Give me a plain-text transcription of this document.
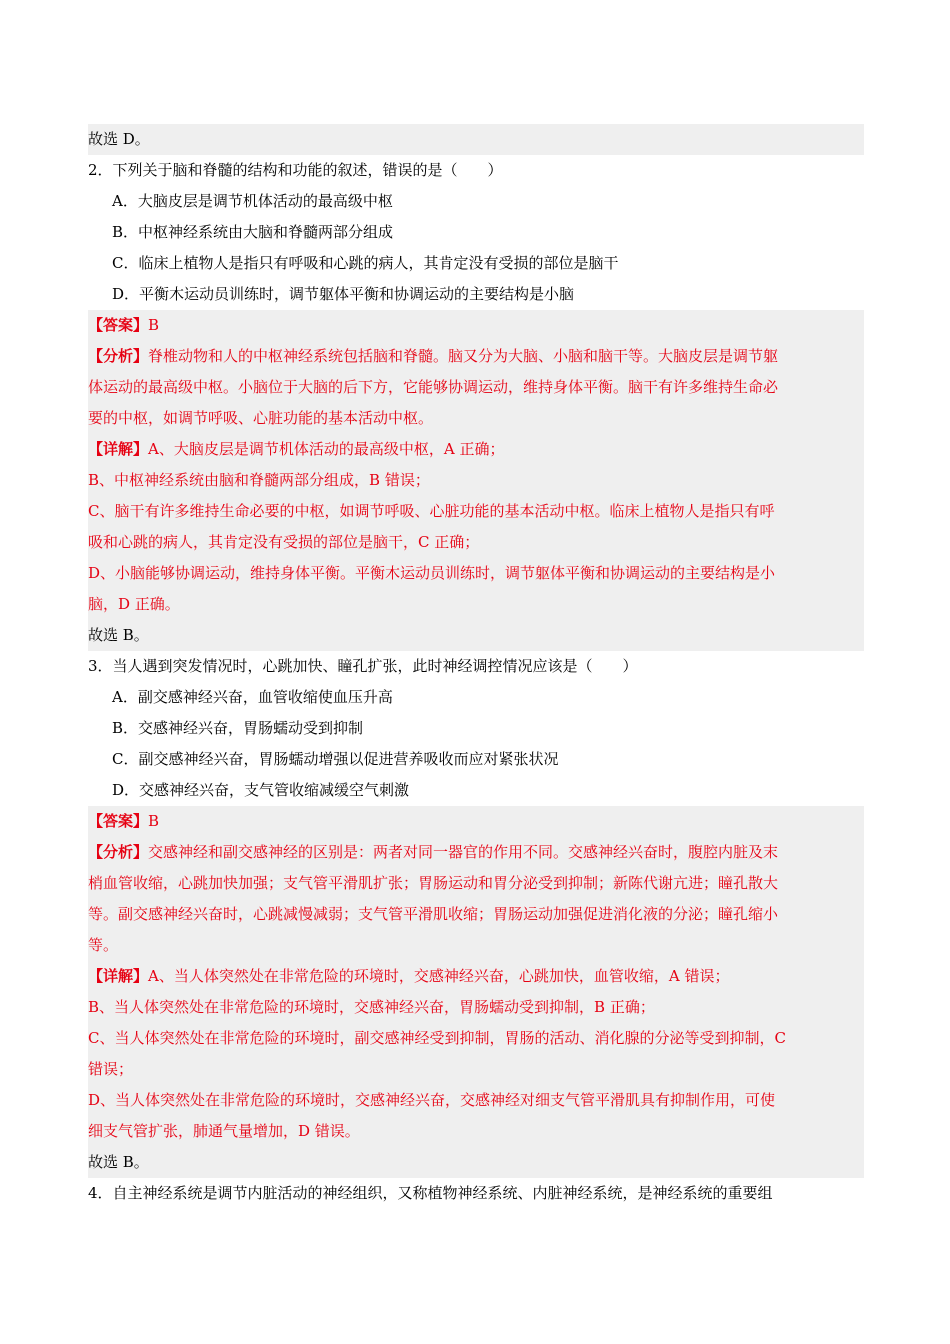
故选 D。
2．下列关于脑和脊髓的结构和功能的叙述，错误的是（　　）
A．大脑皮层是调节机体活动的最高级中枢
B．中枢神经系统由大脑和脊髓两部分组成
C．临床上植物人是指只有呼吸和心跳的病人，其肯定没有受损的部位是脑干
D．平衡木运动员训练时，调节躯体平衡和协调运动的主要结构是小脑
【答案】B
【分析】脊椎动物和人的中枢神经系统包括脑和脊髓。脑又分为大脑、小脑和脑干等。大脑皮层是调节躯
体运动的最高级中枢。小脑位于大脑的后下方，它能够协调运动，维持身体平衡。脑干有许多维持生命必
要的中枢，如调节呼吸、心脏功能的基本活动中枢。
【详解】A、大脑皮层是调节机体活动的最高级中枢，A 正确；
B、中枢神经系统由脑和脊髓两部分组成，B 错误；
C、脑干有许多维持生命必要的中枢，如调节呼吸、心脏功能的基本活动中枢。临床上植物人是指只有呼
吸和心跳的病人，其肯定没有受损的部位是脑干，C 正确；
D、小脑能够协调运动，维持身体平衡。平衡木运动员训练时，调节躯体平衡和协调运动的主要结构是小
脑，D 正确。
故选 B。
3．当人遇到突发情况时，心跳加快、瞳孔扩张，此时神经调控情况应该是（　　）
A．副交感神经兴奋，血管收缩使血压升高
B．交感神经兴奋，胃肠蠕动受到抑制
C．副交感神经兴奋，胃肠蠕动增强以促进营养吸收而应对紧张状况
D．交感神经兴奋，支气管收缩减缓空气刺激
【答案】B
【分析】交感神经和副交感神经的区别是：两者对同一器官的作用不同。交感神经兴奋时，腹腔内脏及末
梢血管收缩，心跳加快加强；支气管平滑肌扩张；胃肠运动和胃分泌受到抑制；新陈代谢亢进；瞳孔散大
等。副交感神经兴奋时，心跳减慢减弱；支气管平滑肌收缩；胃肠运动加强促进消化液的分泌；瞳孔缩小
等。
【详解】A、当人体突然处在非常危险的环境时，交感神经兴奋，心跳加快，血管收缩，A 错误；
B、当人体突然处在非常危险的环境时，交感神经兴奋，胃肠蠕动受到抑制，B 正确；
C、当人体突然处在非常危险的环境时，副交感神经受到抑制，胃肠的活动、消化腺的分泌等受到抑制，C
错误；
D、当人体突然处在非常危险的环境时，交感神经兴奋，交感神经对细支气管平滑肌具有抑制作用，可使
细支气管扩张，肺通气量增加，D 错误。
故选 B。
4．自主神经系统是调节内脏活动的神经组织，又称植物神经系统、内脏神经系统，是神经系统的重要组
